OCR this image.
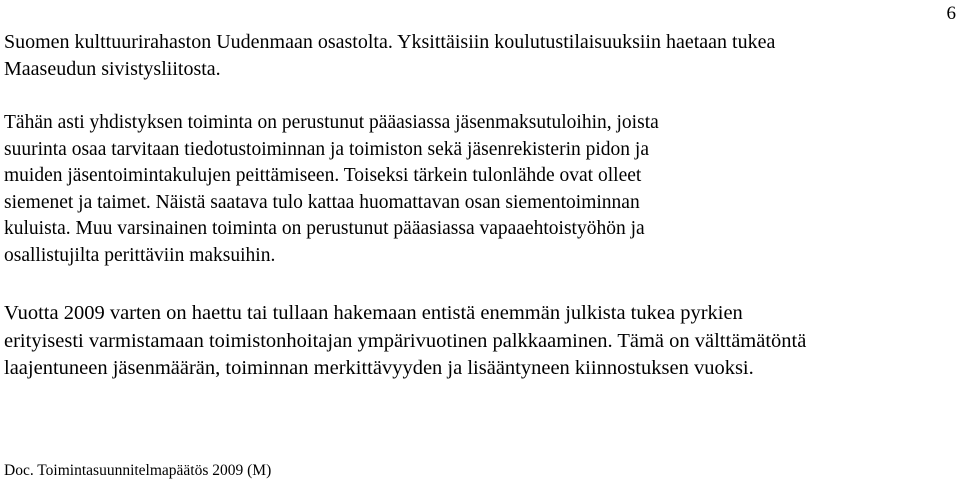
6

Suomen kulttuurirahaston Uudenmaan osastolta. Yksittäisiin koulutustilaisuuksiin haetaan tukea
Maaseudun sivistysliitosta.

Tähän asti yhdistyksen toiminta on perustunut pääasiassa jäsenmaksutuloihin, joista
suurinta osaa tarvitaan tiedotustoiminnan ja toimiston sekä jäsenrekisterin pidon ja
muiden jäsentoimintakulujen peittämiseen. Toiseksi tärkein tulonlähde ovat olleet
siemenet ja taimet. Näistä saatava tulo kattaa huomattavan osan siementoiminnan
kuluista. Muu varsinainen toiminta on perustunut pääasiassa vapaaehtoistyöhön ja
osallistujilta perittäviin maksuihin.

Vuotta 2009 varten on haettu tai tullaan hakemaan entistä enemmän julkista tukea pyrkien
erityisesti varmistamaan toimistonhoitajan ympärivuotinen palkkaaminen. Tämä on välttämätöntä
laajentuneen jäsenmäärän, toiminnan merkittävyyden ja lisääntyneen kiinnostuksen vuoksi.

Doc. Toimintasuunnitelmapäätös 2009 (M)
